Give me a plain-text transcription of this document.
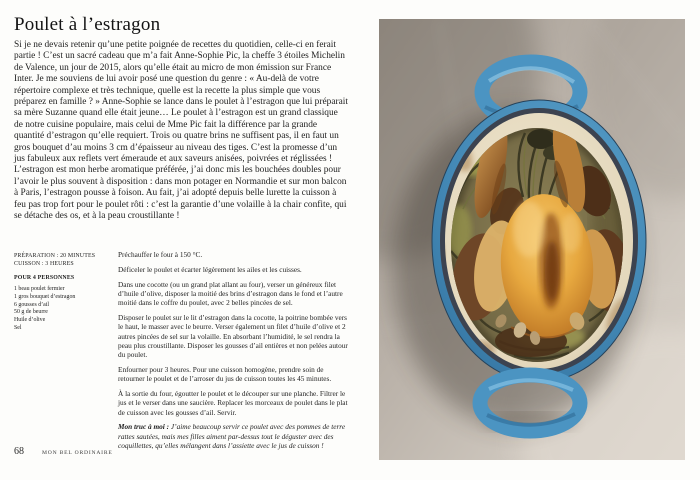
Poulet à l’estragon

Si je ne devais retenir qu’une petite poignée de recettes du quotidien, celle-ci en ferait partie ! C’est un sacré cadeau que m’a fait Anne-Sophie Pic, la cheffe 3 étoiles Michelin de Valence, un jour de 2015, alors qu’elle était au micro de mon émission sur France Inter. Je me souviens de lui avoir posé une question du genre : « Au-delà de votre répertoire complexe et très technique, quelle est la recette la plus simple que vous préparez en famille ? » Anne-Sophie se lance dans le poulet à l’estragon que lui préparait sa mère Suzanne quand elle était jeune… Le poulet à l’estragon est un grand classique de notre cuisine populaire, mais celui de Mme Pic fait la différence par la grande quantité d’estragon qu’elle requiert. Trois ou quatre brins ne suffisent pas, il en faut un gros bouquet d’au moins 3 cm d’épaisseur au niveau des tiges. C’est la promesse d’un jus fabuleux aux reflets vert émeraude et aux saveurs anisées, poivrées et réglissées ! L’estragon est mon herbe aromatique préférée, j’ai donc mis les bouchées doubles pour l’avoir le plus souvent à disposition : dans mon potager en Normandie et sur mon balcon à Paris, l’estragon pousse à foison. Au fait, j’ai adopté depuis belle lurette la cuisson à feu pas trop fort pour le poulet rôti : c’est la garantie d’une volaille à la chair confite, qui se détache des os, et à la peau croustillante !

PRÉPARATION : 20 MINUTES
CUISSON : 3 HEURES
POUR 4 PERSONNES
1 beau poulet fermier
1 gros bouquet d’estragon
6 gousses d’ail
50 g de beurre
Huile d’olive
Sel

Préchauffer le four à 150 °C.

Déficeler le poulet et écarter légèrement les ailes et les cuisses.

Dans une cocotte (ou un grand plat allant au four), verser un généreux filet d’huile d’olive, disposer la moitié des brins d’estragon dans le fond et l’autre moitié dans le coffre du poulet, avec 2 belles pincées de sel.

Disposer le poulet sur le lit d’estragon dans la cocotte, la poitrine bombée vers le haut, le masser avec le beurre. Verser également un filet d’huile d’olive et 2 autres pincées de sel sur la volaille. En absorbant l’humidité, le sel rendra la peau plus croustillante. Disposer les gousses d’ail entières et non pelées autour du poulet.

Enfourner pour 3 heures. Pour une cuisson homogène, prendre soin de retourner le poulet et de l’arroser du jus de cuisson toutes les 45 minutes.

À la sortie du four, égoutter le poulet et le découper sur une planche. Filtrer le jus et le verser dans une saucière. Replacer les morceaux de poulet dans le plat de cuisson avec les gousses d’ail. Servir.

Mon truc à moi : J’aime beaucoup servir ce poulet avec des pommes de terre rattes sautées, mais mes filles aiment par-dessus tout le déguster avec des coquillettes, qu’elles mélangent dans l’assiette avec le jus de cuisson !

68	MON BEL ORDINAIRE
